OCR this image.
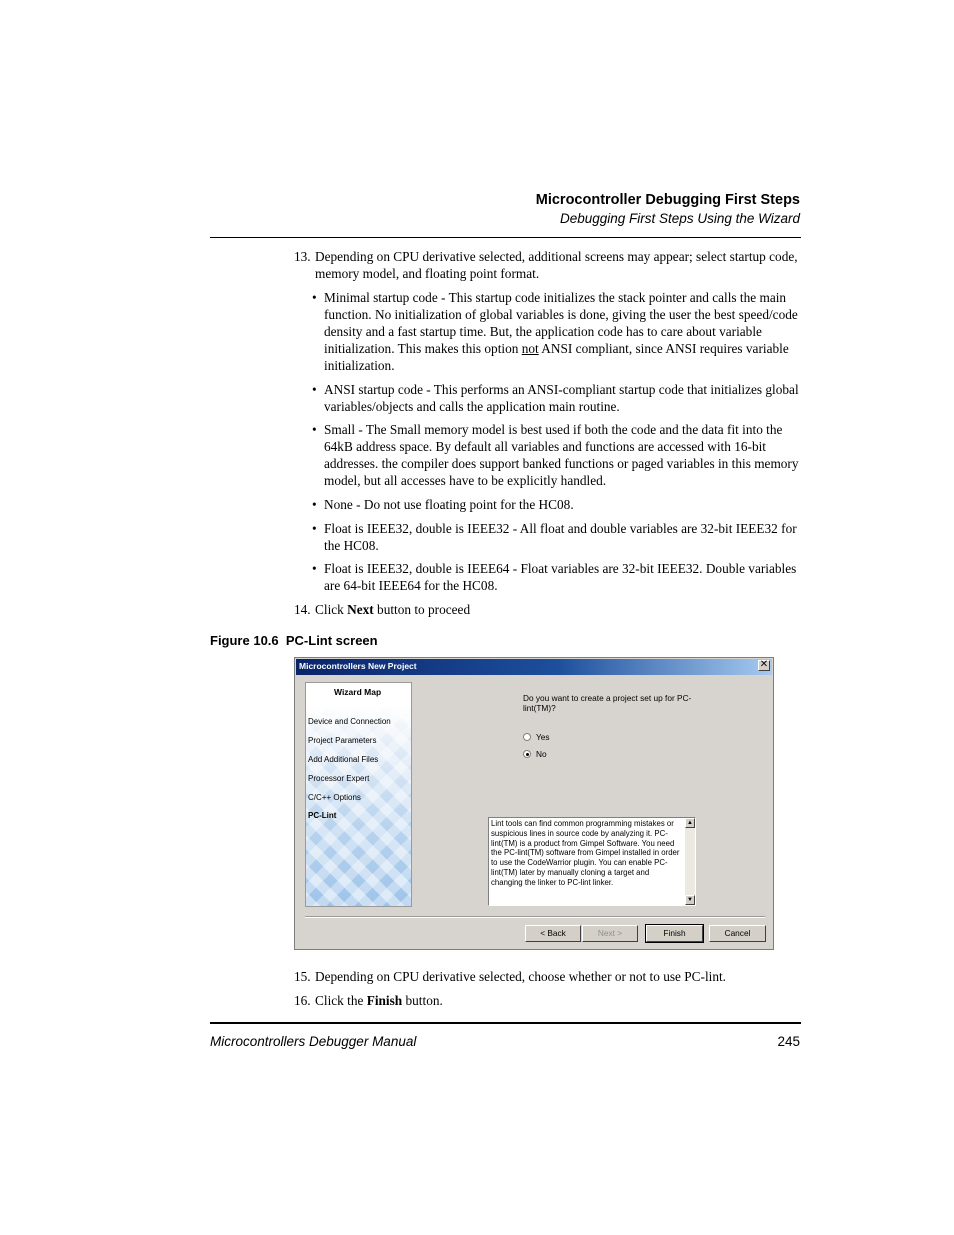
Microcontroller Debugging First Steps
Debugging First Steps Using the Wizard
13. Depending on CPU derivative selected, additional screens may appear; select startup code, memory model, and floating point format.
• Minimal startup code - This startup code initializes the stack pointer and calls the main function. No initialization of global variables is done, giving the user the best speed/code density and a fast startup time. But, the application code has to care about variable initialization. This makes this option not ANSI compliant, since ANSI requires variable initialization.
• ANSI startup code - This performs an ANSI-compliant startup code that initializes global variables/objects and calls the application main routine.
• Small - The Small memory model is best used if both the code and the data fit into the 64kB address space. By default all variables and functions are accessed with 16-bit addresses. the compiler does support banked functions or paged variables in this memory model, but all accesses have to be explicitly handled.
• None - Do not use floating point for the HC08.
• Float is IEEE32, double is IEEE32 - All float and double variables are 32-bit IEEE32 for the HC08.
• Float is IEEE32, double is IEEE64 - Float variables are 32-bit IEEE32. Double variables are 64-bit IEEE64 for the HC08.
14. Click Next button to proceed
Figure 10.6  PC-Lint screen
Microcontrollers New Project	✕
Wizard Map
Device and Connection
Project Parameters
Add Additional Files
Processor Expert
C/C++ Options
PC-Lint
Do you want to create a project set up for PC-lint(TM)?
Yes
No
Lint tools can find common programming mistakes or suspicious lines in source code by analyzing it. PC-lint(TM) is a product from Gimpel Software. You need the PC-lint(TM) software from Gimpel installed in order to use the CodeWarrior plugin. You can enable PC-lint(TM) later by manually cloning a target and changing the linker to PC-lint linker.
▲
▼
< Back	Next >	Finish	Cancel
15. Depending on CPU derivative selected, choose whether or not to use PC-lint.
16. Click the Finish button.
Microcontrollers Debugger Manual	245
